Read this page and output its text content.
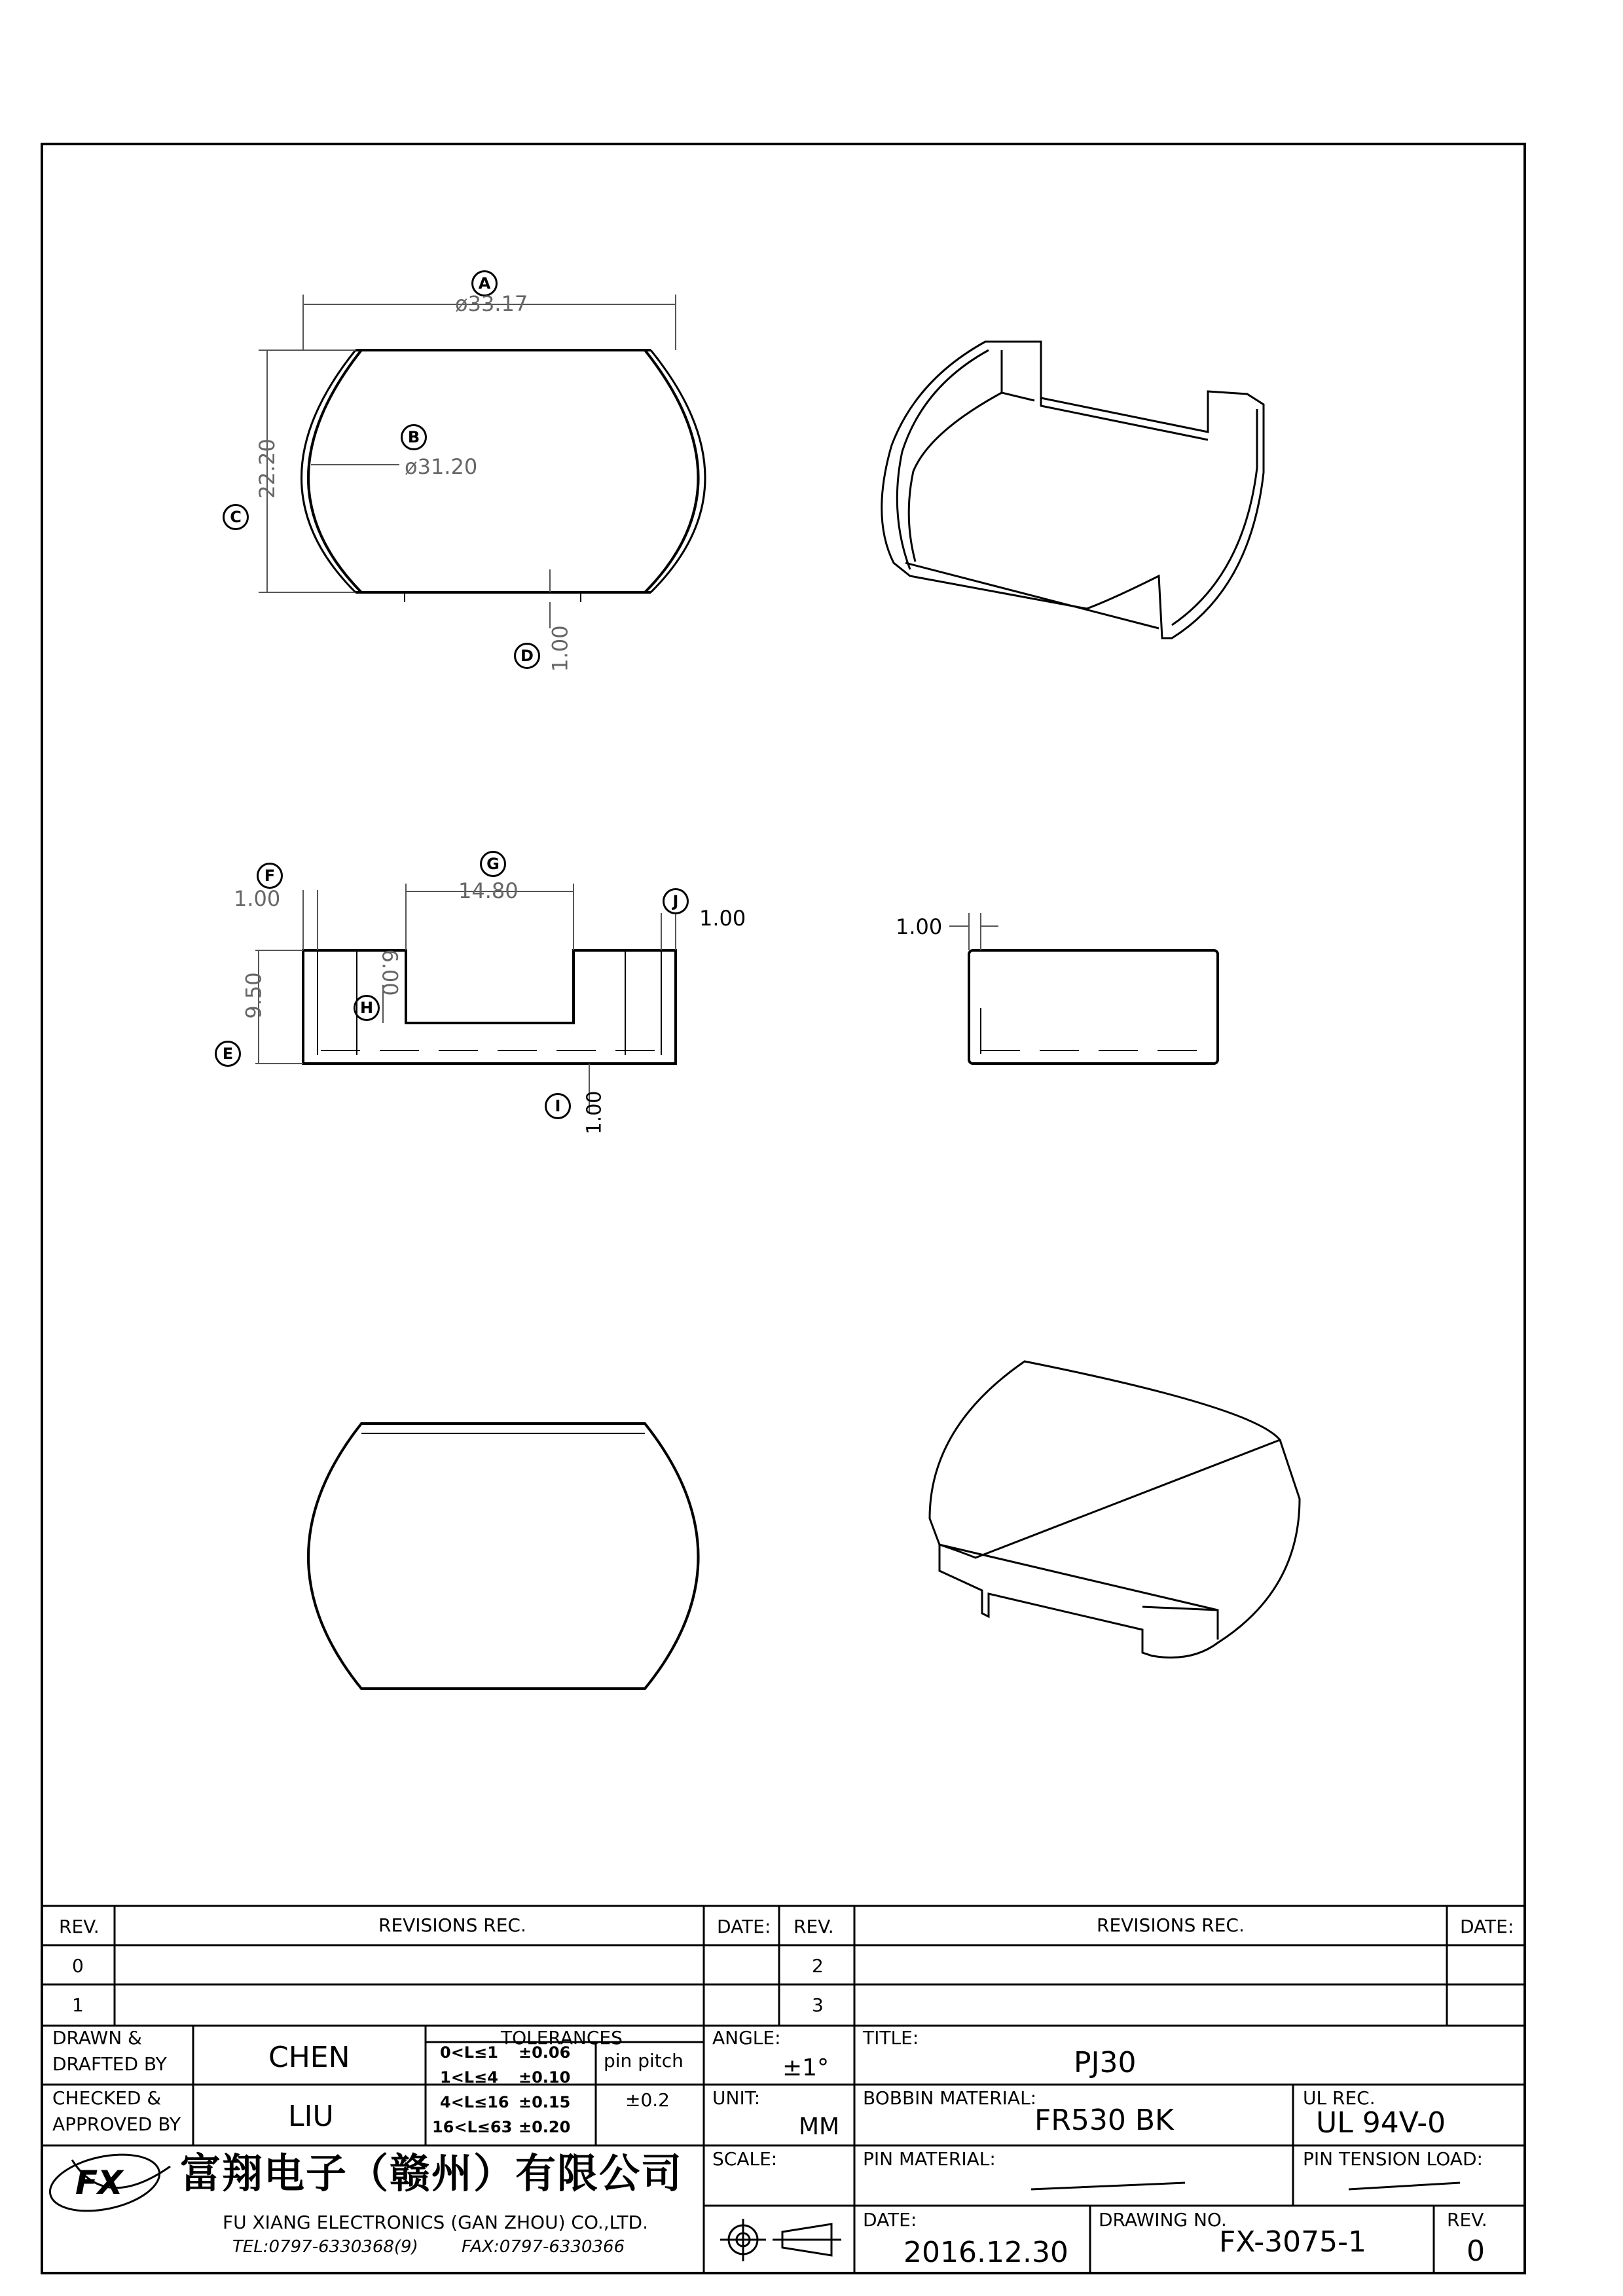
A
B
C
D
E
F
G
H
I
J
ø33.17
ø31.20
22.20
1.00
9.50
1.00	14.80
6.00
1.00
1.00	1.00
REV.	REVISIONS REC.	DATE: REV.	REVISIONS REC.	DATE:
0
1
2
3
DRAWN &
DRAFTED BY	CHEN
CHECKED &
APPROVED BY	LIU
TOLERANCES
0<L≤1 ±0.06
1<L≤4 ±0.10
4<L≤16 ±0.15
16<L≤63 ±0.20
pin pitch
±0.2
ANGLE:
±1°
UNIT:
MM
SCALE:
TITLE:
PJ30
BOBBIN MATERIAL:
FR530 BK
UL REC.
UL 94V-0
PIN MATERIAL:	PIN TENSION LOAD:
DATE:
2016.12.30
DRAWING NO.
FX-3075-1
REV.
0
富翔电子（赣州）有限公司
FU XIANG ELECTRONICS (GAN ZHOU) CO.,LTD.
TEL:0797-6330368(9)	FAX:0797-6330366
FX
